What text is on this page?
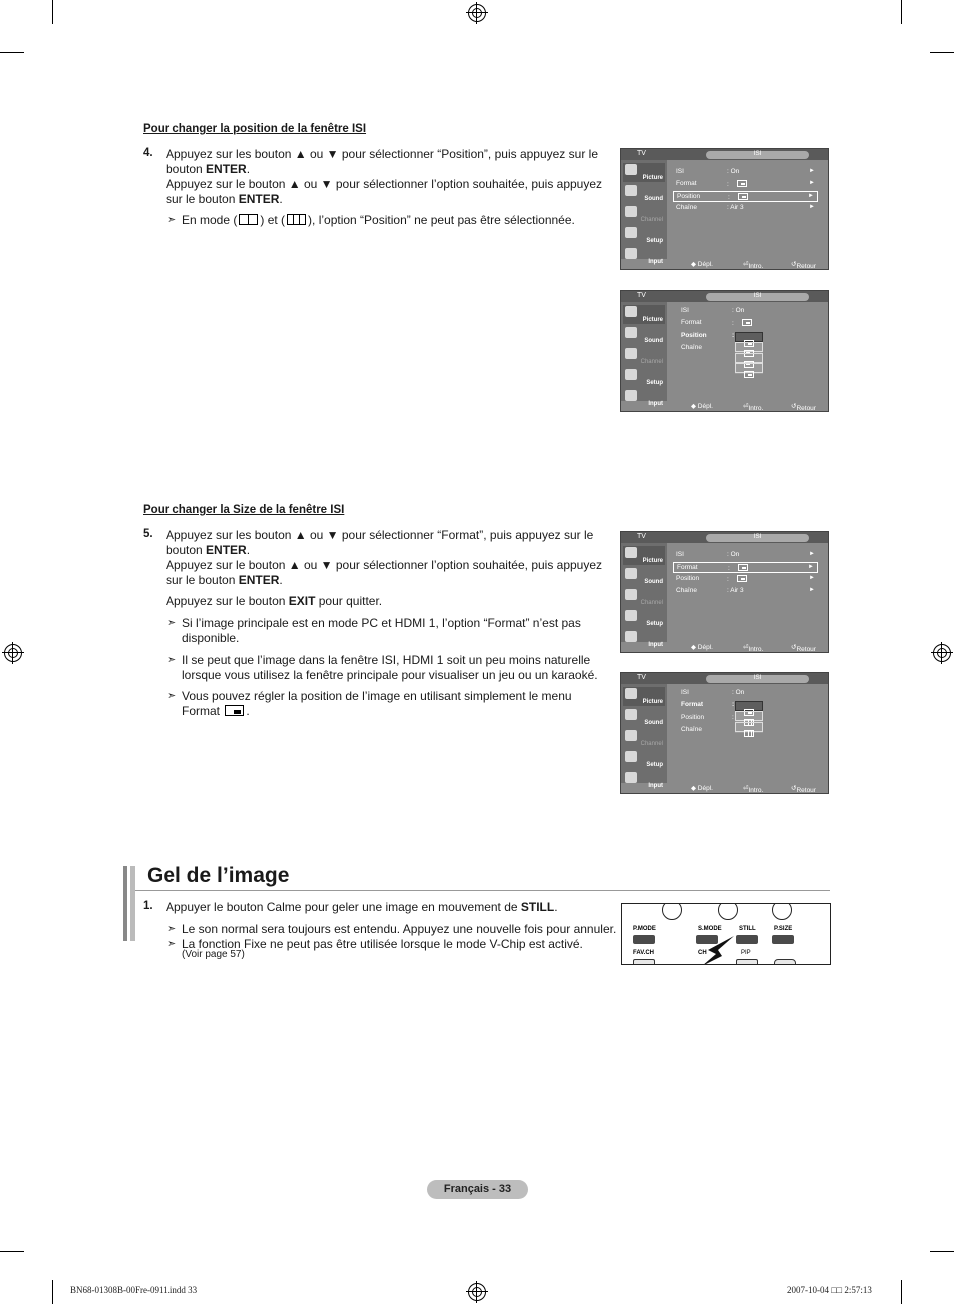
Pour changer la position de la fenêtre ISI
4. Appuyez sur les bouton ▲ ou ▼ pour sélectionner “Position”, puis appuyez sur le
bouton ENTER.
Appuyez sur le bouton ▲ ou ▼ pour sélectionner l’option souhaitée, puis appuyez
sur le bouton ENTER.
➣ En mode ( ) et ( ), l’option “Position” ne peut pas être sélectionnée.
TV	ISI
Picture
Sound
Channel
Setup
Input
ISI	: On	►
Format	:	►
Position	:	►
Chaîne	: Air 3	►
◆ Dépl.	⏎ Intro.	↺ Retour
TV	ISI
Picture
Sound
Channel
Setup
Input
ISI	: On
Format	:
Position	:
Chaîne
◆ Dépl.	⏎ Intro.	↺ Retour
Pour changer la Size de la fenêtre ISI
5. Appuyez sur les bouton ▲ ou ▼ pour sélectionner “Format”, puis appuyez sur le
bouton ENTER.
Appuyez sur le bouton ▲ ou ▼ pour sélectionner l’option souhaitée, puis appuyez
sur le bouton ENTER.
Appuyez sur le bouton EXIT pour quitter.
➣ Si l’image principale est en mode PC et HDMI 1, l’option “Format” n’est pas
disponible.
➣ Il se peut que l’image dans la fenêtre ISI, HDMI 1 soit un peu moins naturelle
lorsque vous utilisez la fenêtre principale pour visualiser un jeu ou un karaoké.
➣ Vous pouvez régler la position de l’image en utilisant simplement le menu
Format .
TV	ISI
Picture
Sound
Channel
Setup
Input
ISI	: On	►
Format	:	►
Position	:	►
Chaîne	: Air 3	►
◆ Dépl.	⏎ Intro.	↺ Retour
TV	ISI
Picture
Sound
Channel
Setup
Input
ISI	: On
Format	:
Position	:
Chaîne
◆ Dépl.	⏎ Intro.	↺ Retour
Gel de l’image
1. Appuyer le bouton Calme pour geler une image en mouvement de STILL.
➣ Le son normal sera toujours est entendu. Appuyez une nouvelle fois pour annuler.
➣ La fonction Fixe ne peut pas être utilisée lorsque le mode V-Chip est activé.
(Voir page 57)
P.MODE	S.MODE	STILL	P.SIZE
FAV.CH	CH	PIP
Français - 33
BN68-01308B-00Fre-0911.indd 33	2007-10-04 □□ 2:57:13
